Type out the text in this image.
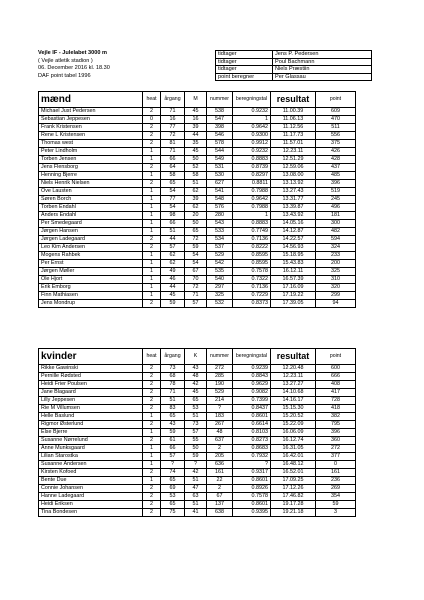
Vejle IF - Julelabet 3000 m
( Vejle atletik stadion )
06. December 2016 kl. 18.30
DAF point tabel 1996
tidtager	Jens P. Pedersen
tidtager	Poul Bachmann
tidtager	Niels Præstiin
point beregner	Per Glassau
mænd	heat	årgang	M	nummer	beregningstal	resultat	point
Michael Just Pedersen	2	71	45	538	0.9232	11.00.39	609
Sebastian Jeppesen	0	16	16	547	1	11.06.13	470
Frank Kristensen	2	77	39	398	0.9642	11.12.56	511
Rene L Kristensen	2	72	44	546	0.9300	11.17.73	556
Thomas west	2	81	35	578	0.9912	11.57.01	375
Peter Lindholm	1	71	45	544	0.9232	12.23.11	426
Torben Jensen	1	66	50	549	0.8883	12.51.29	428
Jens Flensborg	2	64	52	531	0.8739	12.59.06	437
Henning Bjerre	1	58	58	530	0.8297	13.08.00	485
Niels Henrik Nielsen	2	65	51	627	0.8811	13.13.92	396
Ove Lausten	1	54	62	541	0.7988	13.27.43	519
Søren Borch	1	77	39	548	0.9642	13.31.77	245
Torben Endahl	1	54	62	576	0.7988	13.39.87	496
Anders Endahl	1	98	20	280	1	13.43.92	181
Per Smedegaard	1	66	50	543	0.8883	14.05.16	300
Jørgen Hansen	1	51	65	533	0.7749	14.12.87	482
Jørgen Ladegaard	2	44	72	534	0.7136	14.22.57	594
Leo Kim Andersen	2	57	59	537	0.8222	14.56.93	324
Mogens Rahbek	1	62	54	529	0.8595	15.18.95	233
Per Ernst	1	62	54	542	0.8595	15.43.83	200
Jørgen Møller	1	49	67	535	0.7578	16.12.11	325
Ole Hjort	1	46	70	540	0.7322	16.57.39	310
Erik Emborg	1	44	72	297	0.7136	17.16.09	320
Finn Mathiasen	1	45	71	325	0.7229	17.19.22	299
Jens Mondrup	2	59	57	532	0.8373	17.39.05	94
kvinder	heat	årgang	K	nummer	beregningstal	resultat	point
Rikke Gawinski	2	73	43	272	0.9239	12.20.48	600
Pernille Rødsted	2	68	48	285	0.8843	12.23.11	666
Heidi Frier Poulsen	2	78	42	190	0.9629	13.27.27	408
Jane Blagaard	2	71	45	529	0.9082	14.10.68	417
Lilly Jeppesen	2	51	65	214	0.7399	14.16.17	728
Rie M Villumsen	2	83	53	?	0.8437	15.15.30	418
Helle Baslund	1	65	51	183	0.8601	15.20.52	382
Rigmor Østerlund	2	43	73	267	0.6614	15.22.09	795
Else Bjerre	1	59	57	48	0.8103	16.06.09	396
Susanne Nørrelund	2	61	55	637	0.8273	16.12.74	360
Anne Munksgaard	1	66	50	2	0.8683	16.31.05	272
Lilian Starostka	1	57	59	205	0.7932	16.42.01	377
Susanne Andersen	1	?	?	636	?	16.48.12	0
Kirsten Kofoed	2	74	42	161	0.9317	16.52.01	161
Bente Due	1	65	51	22	0.8601	17.09.25	236
Connie Johansen	2	69	47	2	0.8926	17.12.26	269
Hanne Ladegaard	2	53	63	67	0.7578	17.46.82	354
Heidi Eriksen	2	65	51	137	0.8601	19.17.28	59
Tina Bondesen	2	75	41	638	0.9395	19.21.18	3
